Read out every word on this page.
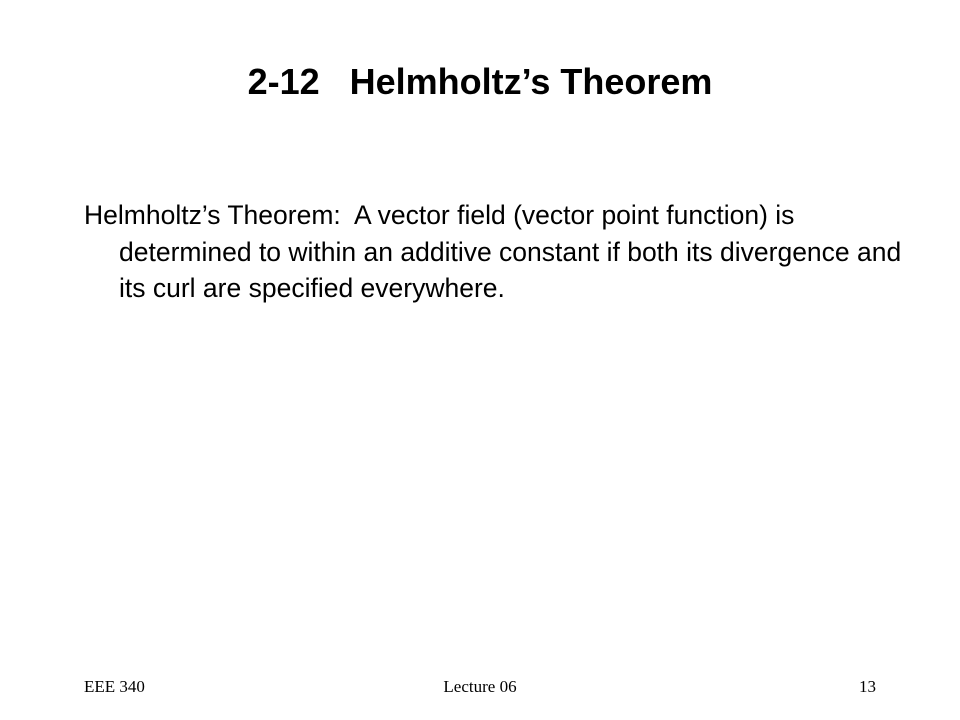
2-12   Helmholtz’s Theorem

Helmholtz’s Theorem:  A vector field (vector point function) is determined to within an additive constant if both its divergence and its curl are specified everywhere.

EEE 340	Lecture 06	13
